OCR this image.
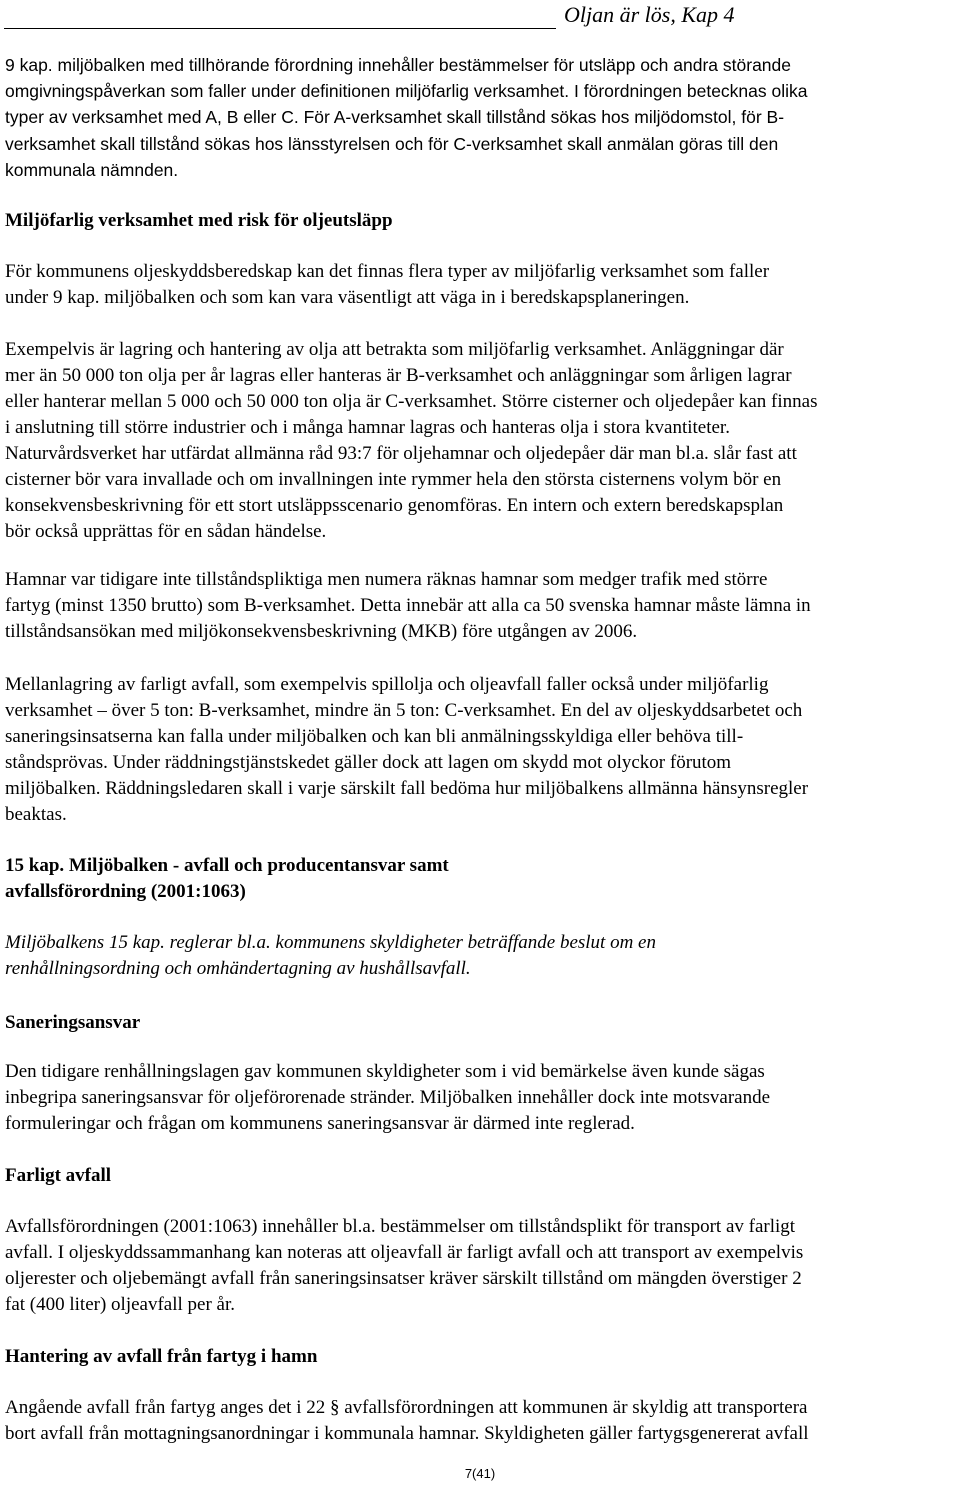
Oljan är lös, Kap 4
9 kap. miljöbalken med tillhörande förordning innehåller bestämmelser för utsläpp och andra störande
omgivningspåverkan som faller under definitionen miljöfarlig verksamhet. I förordningen betecknas olika
typer av verksamhet med A, B eller C. För A-verksamhet skall tillstånd sökas hos miljödomstol, för B-
verksamhet skall tillstånd sökas hos länsstyrelsen och för C-verksamhet skall anmälan göras till den
kommunala nämnden.
Miljöfarlig verksamhet med risk för oljeutsläpp
För kommunens oljeskyddsberedskap kan det finnas flera typer av miljöfarlig verksamhet som faller
under 9 kap. miljöbalken och som kan vara väsentligt att väga in i beredskapsplaneringen.
Exempelvis är lagring och hantering av olja att betrakta som miljöfarlig verksamhet. Anläggningar där
mer än 50 000 ton olja per år lagras eller hanteras är B-verksamhet och anläggningar som årligen lagrar
eller hanterar mellan 5 000 och 50 000 ton olja är C-verksamhet. Större cisterner och oljedepåer kan finnas
i anslutning till större industrier och i många hamnar lagras och hanteras olja i stora kvantiteter.
Naturvårdsverket har utfärdat allmänna råd 93:7 för oljehamnar och oljedepåer där man bl.a. slår fast att
cisterner bör vara invallade och om invallningen inte rymmer hela den största cisternens volym bör en
konsekvensbeskrivning för ett stort utsläppsscenario genomföras. En intern och extern beredskapsplan
bör också upprättas för en sådan händelse.
Hamnar var tidigare inte tillståndspliktiga men numera räknas hamnar som medger trafik med större
fartyg (minst 1350 brutto) som B-verksamhet. Detta innebär att alla ca 50 svenska hamnar måste lämna in
tillståndsansökan med miljökonsekvensbeskrivning (MKB) före utgången av 2006.
Mellanlagring av farligt avfall, som exempelvis spillolja och oljeavfall faller också under miljöfarlig
verksamhet – över 5 ton: B-verksamhet, mindre än 5 ton: C-verksamhet. En del av oljeskyddsarbetet och
saneringsinsatserna kan falla under miljöbalken och kan bli anmälningsskyldiga eller behöva till-
ståndsprövas. Under räddningstjänstskedet gäller dock att lagen om skydd mot olyckor förutom
miljöbalken. Räddningsledaren skall i varje särskilt fall bedöma hur miljöbalkens allmänna hänsynsregler
beaktas.
15 kap. Miljöbalken - avfall och producentansvar samt
avfallsförordning (2001:1063)
Miljöbalkens 15 kap. reglerar bl.a. kommunens skyldigheter beträffande beslut om en
renhållningsordning och omhändertagning av hushållsavfall.
Saneringsansvar
Den tidigare renhållningslagen gav kommunen skyldigheter som i vid bemärkelse även kunde sägas
inbegripa saneringsansvar för oljeförorenade stränder. Miljöbalken innehåller dock inte motsvarande
formuleringar och frågan om kommunens saneringsansvar är därmed inte reglerad.
Farligt avfall
Avfallsförordningen (2001:1063) innehåller bl.a. bestämmelser om tillståndsplikt för transport av farligt
avfall. I oljeskyddssammanhang kan noteras att oljeavfall är farligt avfall och att transport av exempelvis
oljerester och oljebemängt avfall från saneringsinsatser kräver särskilt tillstånd om mängden överstiger 2
fat (400 liter) oljeavfall per år.
Hantering av avfall från fartyg i hamn
Angående avfall från fartyg anges det i 22 § avfallsförordningen att kommunen är skyldig att transportera
bort avfall från mottagningsanordningar i kommunala hamnar. Skyldigheten gäller fartygsgenererat avfall
7(41)
